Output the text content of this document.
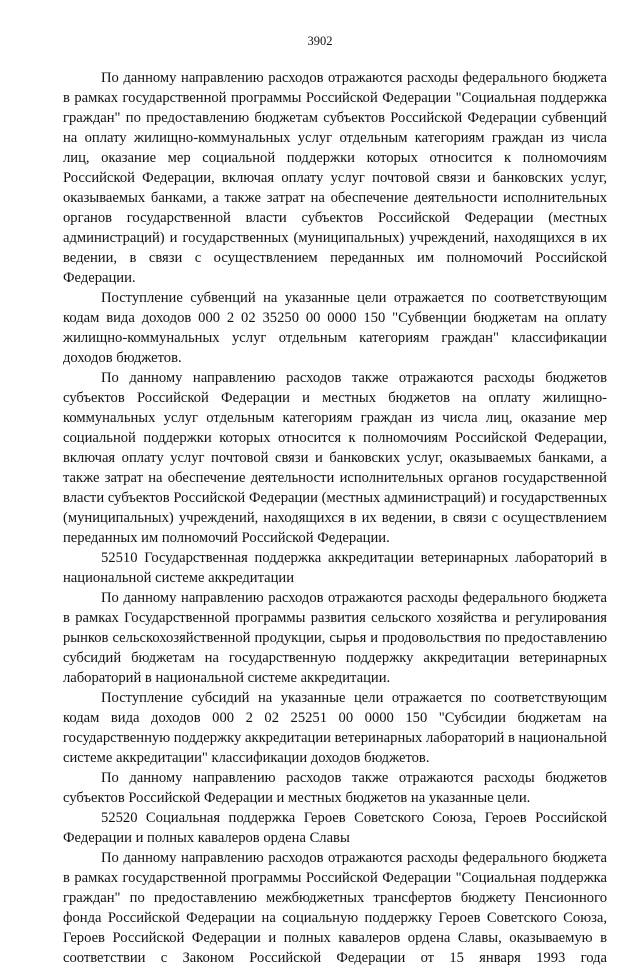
3902

По данному направлению расходов отражаются расходы федерального бюджета в рамках государственной программы Российской Федерации "Социальная поддержка граждан" по предоставлению бюджетам субъектов Российской Федерации субвенций на оплату жилищно-коммунальных услуг отдельным категориям граждан из числа лиц, оказание мер социальной поддержки которых относится к полномочиям Российской Федерации, включая оплату услуг почтовой связи и банковских услуг, оказываемых банками, а также затрат на обеспечение деятельности исполнительных органов государственной власти субъектов Российской Федерации (местных администраций) и государственных (муниципальных) учреждений, находящихся в их ведении, в связи с осуществлением переданных им полномочий Российской Федерации.

Поступление субвенций на указанные цели отражается по соответствующим кодам вида доходов 000 2 02 35250 00 0000 150 "Субвенции бюджетам на оплату жилищно-коммунальных услуг отдельным категориям граждан" классификации доходов бюджетов.

По данному направлению расходов также отражаются расходы бюджетов субъектов Российской Федерации и местных бюджетов на оплату жилищно-коммунальных услуг отдельным категориям граждан из числа лиц, оказание мер социальной поддержки которых относится к полномочиям Российской Федерации, включая оплату услуг почтовой связи и банковских услуг, оказываемых банками, а также затрат на обеспечение деятельности исполнительных органов государственной власти субъектов Российской Федерации (местных администраций) и государственных (муниципальных) учреждений, находящихся в их ведении, в связи с осуществлением переданных им полномочий Российской Федерации.

52510 Государственная поддержка аккредитации ветеринарных лабораторий в национальной системе аккредитации

По данному направлению расходов отражаются расходы федерального бюджета в рамках Государственной программы развития сельского хозяйства и регулирования рынков сельскохозяйственной продукции, сырья и продовольствия по предоставлению субсидий бюджетам на государственную поддержку аккредитации ветеринарных лабораторий в национальной системе аккредитации.

Поступление субсидий на указанные цели отражается по соответствующим кодам вида доходов 000 2 02 25251 00 0000 150 "Субсидии бюджетам на государственную поддержку аккредитации ветеринарных лабораторий в национальной системе аккредитации" классификации доходов бюджетов.

По данному направлению расходов также отражаются расходы бюджетов субъектов Российской Федерации и местных бюджетов на указанные цели.

52520 Социальная поддержка Героев Советского Союза, Героев Российской Федерации и полных кавалеров ордена Славы

По данному направлению расходов отражаются расходы федерального бюджета в рамках государственной программы Российской Федерации "Социальная поддержка граждан" по предоставлению межбюджетных трансфертов бюджету Пенсионного фонда Российской Федерации на социальную поддержку Героев Советского Союза, Героев Российской Федерации и полных кавалеров ордена Славы, оказываемую в соответствии с Законом Российской Федерации от 15 января 1993 года
